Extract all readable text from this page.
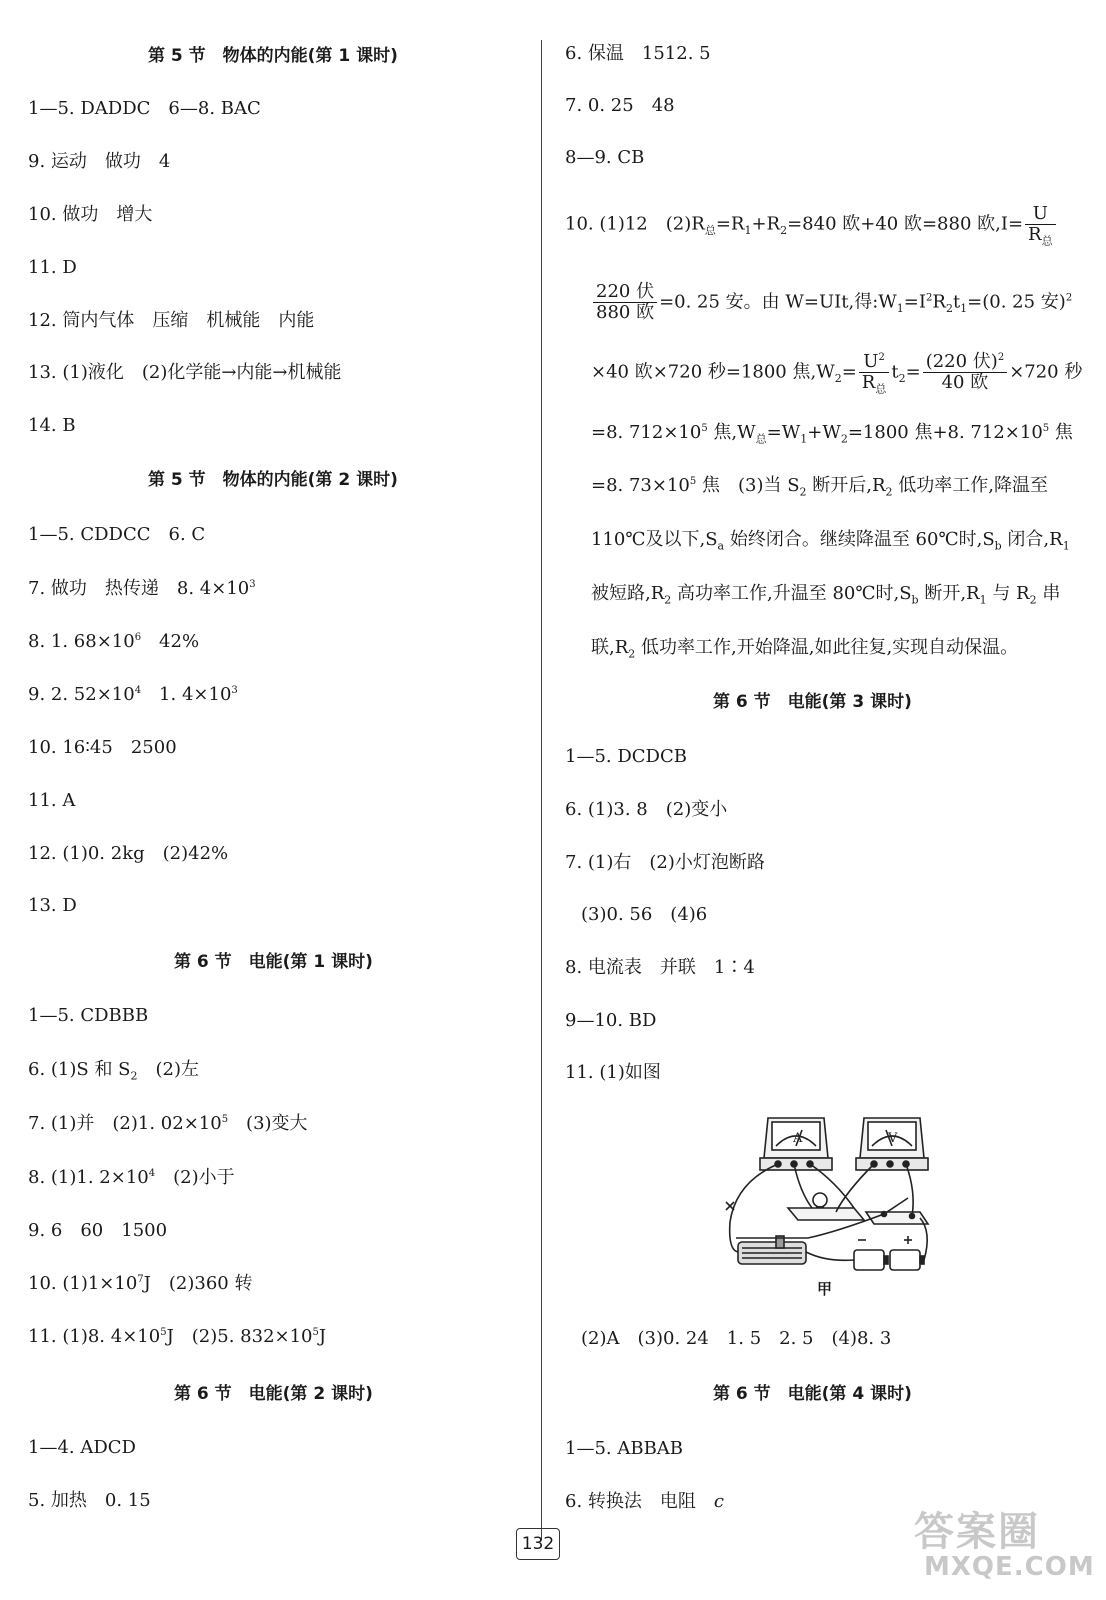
第 5 节　物体的内能(第 1 课时)
1—5. DADDC　6—8. BAC
9. 运动　做功　4
10. 做功　增大
11. D
12. 筒内气体　压缩　机械能　内能
13. (1)液化　(2)化学能→内能→机械能
14. B
第 5 节　物体的内能(第 2 课时)
1—5. CDDCC　6. C
7. 做功　热传递　8. $4\times 10^3$
8. 1. $68\times 10^6$　42%
9. 2. $52\times 10^4$　1. $4\times 10^3$
10. 16∶45　2500
11. A
12. (1)0. 2kg　(2)42%
13. D
第 6 节　电能(第 1 课时)
1—5. CDBBB
6. (1)S 和 $S_2$　(2)左
7. (1)并　(2)1. $02\times 10^5$　(3)变大
8. (1)1. $2\times 10^4$　(2)小于
9. 6　60　1500
10. $(1)1\times 10^7J$　(2)360 转
11. (1)8. $4\times 10^5J$　(2)5. $832\times 10^5J$
第 6 节　电能(第 2 课时)
1—4. ADCD
5. 加热　0. 15
6. 保温　1512. 5
7. 0. 25　48
8—9. CB
10. (1)12　$(2)R_总=R_1+R_2=840$ 欧+40 欧=880 欧$,I= \frac{U}{R_总}$
$\frac{\text{220 伏}}{\text{880 欧}} =0$. 25 安。由 W=UIt,得$:W_1=I^2R_2t_1=(0$. 25 安)$^2$
×40 欧×720 秒=1800 焦$,W_2= \frac{U^2}{R_总} t_2= \frac{(220 伏)^2}{\text{40 欧}} \times 720$ 秒
=8. $712\times 10^5$ 焦$,W_总=W_1+W_2=1800$ 焦+8. $712\times 10^5$ 焦
=8. $73\times 10^5$ 焦　(3)当 $S_2$ 断开后$,R_2$ 低功率工作,降温至
110℃及以下$,S_a$ 始终闭合。继续降温至 60℃时$,S_b$ 闭合$,R_1$
被短路$,R_2$ 高功率工作,升温至 80℃时$,S_b$ 断开$,R_1$ 与 $R_2$ 串
联$,R_2$ 低功率工作,开始降温,如此往复,实现自动保温。
第 6 节　电能(第 3 课时)
1—5. DCDCB
6. (1)3. 8　(2)变小
7. (1)右　(2)小灯泡断路
(3)0. 56　(4)6
8. 电流表　并联　1∶4
9—10. BD
11. (1)如图
(2)A　(3)0. 24　1. 5　2. 5　(4)8. 3
第 6 节　电能(第 4 课时)
1—5. ABBAB
6. 转换法　电阻　c
A	V
甲
132	答案圈
MXQE.COM
